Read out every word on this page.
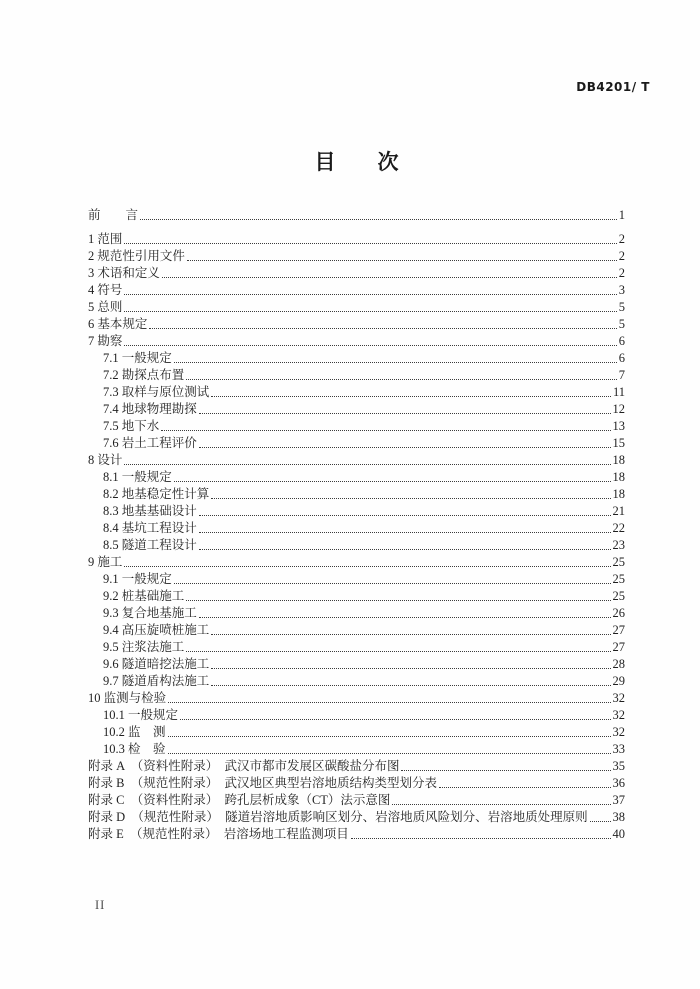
DB4201/ T
目　　次
前　　言	1
1 范围	2
2 规范性引用文件	2
3 术语和定义	2
4 符号	3
5 总则	5
6 基本规定	5
7 勘察	6
7.1 一般规定	6
7.2 勘探点布置	7
7.3 取样与原位测试	11
7.4 地球物理勘探	12
7.5 地下水	13
7.6 岩土工程评价	15
8 设计	18
8.1 一般规定	18
8.2 地基稳定性计算	18
8.3 地基基础设计	21
8.4 基坑工程设计	22
8.5 隧道工程设计	23
9 施工	25
9.1 一般规定	25
9.2 桩基础施工	25
9.3 复合地基施工	26
9.4 高压旋喷桩施工	27
9.5 注浆法施工	27
9.6 隧道暗挖法施工	28
9.7 隧道盾构法施工	29
10 监测与检验	32
10.1 一般规定	32
10.2 监　测	32
10.3 检　验	33
附录 A　（资料性附录）　武汉市都市发展区碳酸盐分布图	35
附录 B　（规范性附录）　武汉地区典型岩溶地质结构类型划分表	36
附录 C　（资料性附录）　跨孔层析成象（CT）法示意图	37
附录 D　（规范性附录）　隧道岩溶地质影响区划分、岩溶地质风险划分、岩溶地质处理原则 38
附录 E　（规范性附录）　岩溶场地工程监测项目	40
II
